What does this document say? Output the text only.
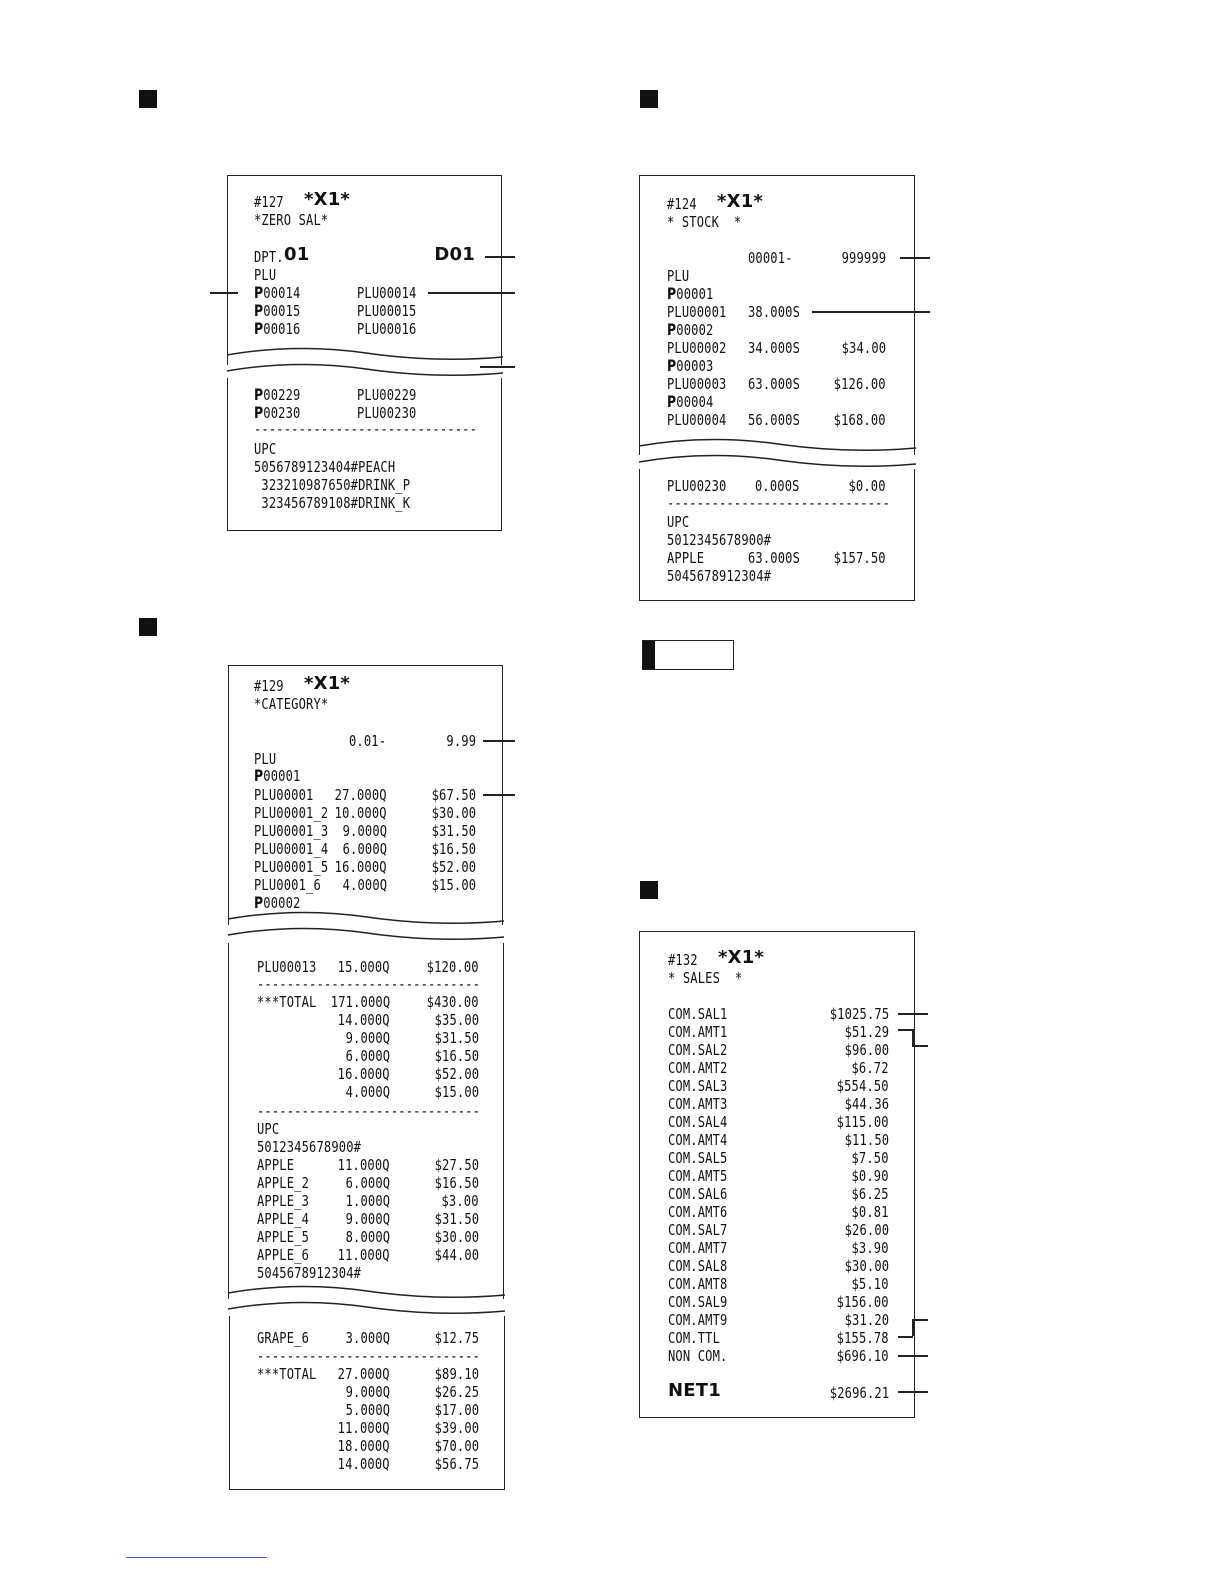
#127 *X1*
*ZERO SAL*
DPT. 01	D01
PLU
P00014	PLU00014
P00015	PLU00015
P00016	PLU00016
P00229	PLU00229
P00230	PLU00230
------------------------------
UPC
5056789123404#PEACH
323210987650#DRINK_P
323456789108#DRINK_K
#124 *X1*
* STOCK  *
00001-	999999
PLU
P00001
PLU00001 38.000S
P00002
PLU00002 34.000S	$34.00
P00003
PLU00003 63.000S $126.00
P00004
PLU00004 56.000S $168.00
PLU00230 0.000S	$0.00
------------------------------
UPC
5012345678900#
APPLE	63.000S $157.50
5045678912304#
#129 *X1*
*CATEGORY*
0.01-	9.99
PLU
P00001
PLU00001 27.000Q	$67.50
PLU00001_2 10.000Q	$30.00
PLU00001_3 9.000Q	$31.50
PLU00001_4 6.000Q	$16.50
PLU00001_5 16.000Q	$52.00
PLU0001_6 4.000Q	$15.00
P00002
PLU00013 15.000Q $120.00
------------------------------
***TOTAL 171.000Q $430.00
14.000Q	$35.00
9.000Q	$31.50
6.000Q	$16.50
16.000Q	$52.00
4.000Q	$15.00
------------------------------
UPC
5012345678900#
APPLE	11.000Q	$27.50
APPLE_2 6.000Q	$16.50
APPLE_3 1.000Q	$3.00
APPLE_4 9.000Q	$31.50
APPLE_5 8.000Q	$30.00
APPLE_6 11.000Q	$44.00
5045678912304#
GRAPE_6 3.000Q	$12.75
------------------------------
***TOTAL 27.000Q	$89.10
9.000Q	$26.25
5.000Q	$17.00
11.000Q	$39.00
18.000Q	$70.00
14.000Q	$56.75
#132 *X1*
* SALES  *
COM.SAL1	$1025.75
COM.AMT1	$51.29
COM.SAL2	$96.00
COM.AMT2	$6.72
COM.SAL3	$554.50
COM.AMT3	$44.36
COM.SAL4	$115.00
COM.AMT4	$11.50
COM.SAL5	$7.50
COM.AMT5	$0.90
COM.SAL6	$6.25
COM.AMT6	$0.81
COM.SAL7	$26.00
COM.AMT7	$3.90
COM.SAL8	$30.00
COM.AMT8	$5.10
COM.SAL9	$156.00
COM.AMT9	$31.20
COM.TTL	$155.78
NON COM.	$696.10
NET1	$2696.21
